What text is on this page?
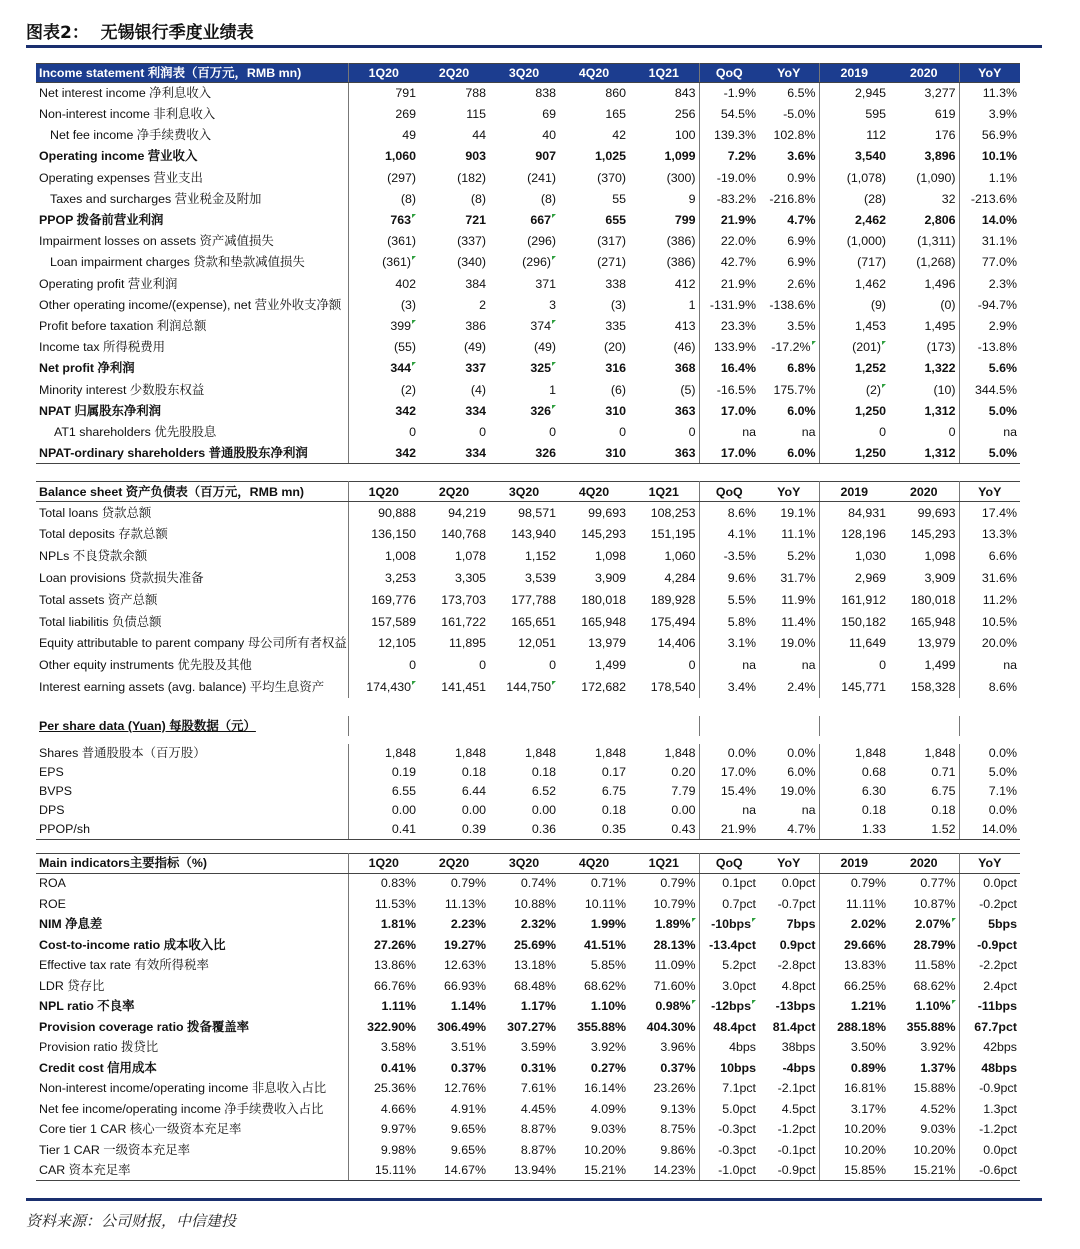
图表2：  无锡银行季度业绩表
Income statement 利润表（百万元，RMB mn)	1Q20	2Q20	3Q20	4Q20	1Q21	QoQ	YoY	2019	2020	YoY
Net interest income 净利息收入	791	788	838	860	843	-1.9%	6.5%	2,945	3,277	11.3%
Non-interest income 非利息收入	269	115	69	165	256	54.5%	-5.0%	595	619	3.9%
Net fee income 净手续费收入	49	44	40	42	100	139.3%	102.8%	112	176	56.9%
Operating income 营业收入	1,060	903	907	1,025	1,099	7.2%	3.6%	3,540	3,896	10.1%
Operating expenses 营业支出	(297)	(182)	(241)	(370)	(300)	-19.0%	0.9%	(1,078)	(1,090)	1.1%
Taxes and surcharges 营业税金及附加	(8)	(8)	(8)	55	9	-83.2%	-216.8%	(28)	32	-213.6%
PPOP 拨备前营业利润	763	721	667	655	799	21.9%	4.7%	2,462	2,806	14.0%
Impairment losses on assets 资产减值损失	(361)	(337)	(296)	(317)	(386)	22.0%	6.9%	(1,000)	(1,311)	31.1%
Loan impairment charges 贷款和垫款减值损失	(361)	(340)	(296)	(271)	(386)	42.7%	6.9%	(717)	(1,268)	77.0%
Operating profit 营业利润	402	384	371	338	412	21.9%	2.6%	1,462	1,496	2.3%
Other operating income/(expense), net 营业外收支净额	(3)	2	3	(3)	1	-131.9%	-138.6%	(9)	(0)	-94.7%
Profit before taxation 利润总额	399	386	374	335	413	23.3%	3.5%	1,453	1,495	2.9%
Income tax 所得税费用	(55)	(49)	(49)	(20)	(46)	133.9%	-17.2%	(201)	(173)	-13.8%
Net profit 净利润	344	337	325	316	368	16.4%	6.8%	1,252	1,322	5.6%
Minority interest 少数股东权益	(2)	(4)	1	(6)	(5)	-16.5%	175.7%	(2)	(10)	344.5%
NPAT 归属股东净利润	342	334	326	310	363	17.0%	6.0%	1,250	1,312	5.0%
AT1 shareholders 优先股股息	0	0	0	0	0	na	na	0	0	na
NPAT-ordinary shareholders 普通股股东净利润	342	334	326	310	363	17.0%	6.0%	1,250	1,312	5.0%

Balance sheet 资产负债表（百万元，RMB mn)	1Q20	2Q20	3Q20	4Q20	1Q21	QoQ	YoY	2019	2020	YoY
Total loans 贷款总额	90,888	94,219	98,571	99,693	108,253	8.6%	19.1%	84,931	99,693	17.4%
Total deposits 存款总额	136,150	140,768	143,940	145,293	151,195	4.1%	11.1%	128,196	145,293	13.3%
NPLs 不良贷款余额	1,008	1,078	1,152	1,098	1,060	-3.5%	5.2%	1,030	1,098	6.6%
Loan provisions 贷款损失准备	3,253	3,305	3,539	3,909	4,284	9.6%	31.7%	2,969	3,909	31.6%
Total assets 资产总额	169,776	173,703	177,788	180,018	189,928	5.5%	11.9%	161,912	180,018	11.2%
Total liabilitis 负债总额	157,589	161,722	165,651	165,948	175,494	5.8%	11.4%	150,182	165,948	10.5%
Equity attributable to parent company 母公司所有者权益	12,105	11,895	12,051	13,979	14,406	3.1%	19.0%	11,649	13,979	20.0%
Other equity instruments 优先股及其他	0	0	0	1,499	0	na	na	0	1,499	na
Interest earning assets (avg. balance) 平均生息资产	174,430	141,451	144,750	172,682	178,540	3.4%	2.4%	145,771	158,328	8.6%

Per share data (Yuan) 每股数据（元）										

Shares 普通股股本（百万股）	1,848	1,848	1,848	1,848	1,848	0.0%	0.0%	1,848	1,848	0.0%
EPS	0.19	0.18	0.18	0.17	0.20	17.0%	6.0%	0.68	0.71	5.0%
BVPS	6.55	6.44	6.52	6.75	7.79	15.4%	19.0%	6.30	6.75	7.1%
DPS	0.00	0.00	0.00	0.18	0.00	na	na	0.18	0.18	0.0%
PPOP/sh	0.41	0.39	0.36	0.35	0.43	21.9%	4.7%	1.33	1.52	14.0%

Main indicators主要指标（%)	1Q20	2Q20	3Q20	4Q20	1Q21	QoQ	YoY	2019	2020	YoY
ROA	0.83%	0.79%	0.74%	0.71%	0.79%	0.1pct	0.0pct	0.79%	0.77%	0.0pct
ROE	11.53%	11.13%	10.88%	10.11%	10.79%	0.7pct	-0.7pct	11.11%	10.87%	-0.2pct
NIM 净息差	1.81%	2.23%	2.32%	1.99%	1.89%	-10bps	7bps	2.02%	2.07%	5bps
Cost-to-income ratio 成本收入比	27.26%	19.27%	25.69%	41.51%	28.13%	-13.4pct	0.9pct	29.66%	28.79%	-0.9pct
Effective tax rate 有效所得税率	13.86%	12.63%	13.18%	5.85%	11.09%	5.2pct	-2.8pct	13.83%	11.58%	-2.2pct
LDR 贷存比	66.76%	66.93%	68.48%	68.62%	71.60%	3.0pct	4.8pct	66.25%	68.62%	2.4pct
NPL ratio 不良率	1.11%	1.14%	1.17%	1.10%	0.98%	-12bps	-13bps	1.21%	1.10%	-11bps
Provision coverage ratio 拨备覆盖率	322.90%	306.49%	307.27%	355.88%	404.30%	48.4pct	81.4pct	288.18%	355.88%	67.7pct
Provision ratio 拨贷比	3.58%	3.51%	3.59%	3.92%	3.96%	4bps	38bps	3.50%	3.92%	42bps
Credit cost 信用成本	0.41%	0.37%	0.31%	0.27%	0.37%	10bps	-4bps	0.89%	1.37%	48bps
Non-interest income/operating income 非息收入占比	25.36%	12.76%	7.61%	16.14%	23.26%	7.1pct	-2.1pct	16.81%	15.88%	-0.9pct
Net fee income/operating income 净手续费收入占比	4.66%	4.91%	4.45%	4.09%	9.13%	5.0pct	4.5pct	3.17%	4.52%	1.3pct
Core tier 1 CAR 核心一级资本充足率	9.97%	9.65%	8.87%	9.03%	8.75%	-0.3pct	-1.2pct	10.20%	9.03%	-1.2pct
Tier 1 CAR 一级资本充足率	9.98%	9.65%	8.87%	10.20%	9.86%	-0.3pct	-0.1pct	10.20%	10.20%	0.0pct
CAR 资本充足率	15.11%	14.67%	13.94%	15.21%	14.23%	-1.0pct	-0.9pct	15.85%	15.21%	-0.6pct
资料来源：公司财报，中信建投
